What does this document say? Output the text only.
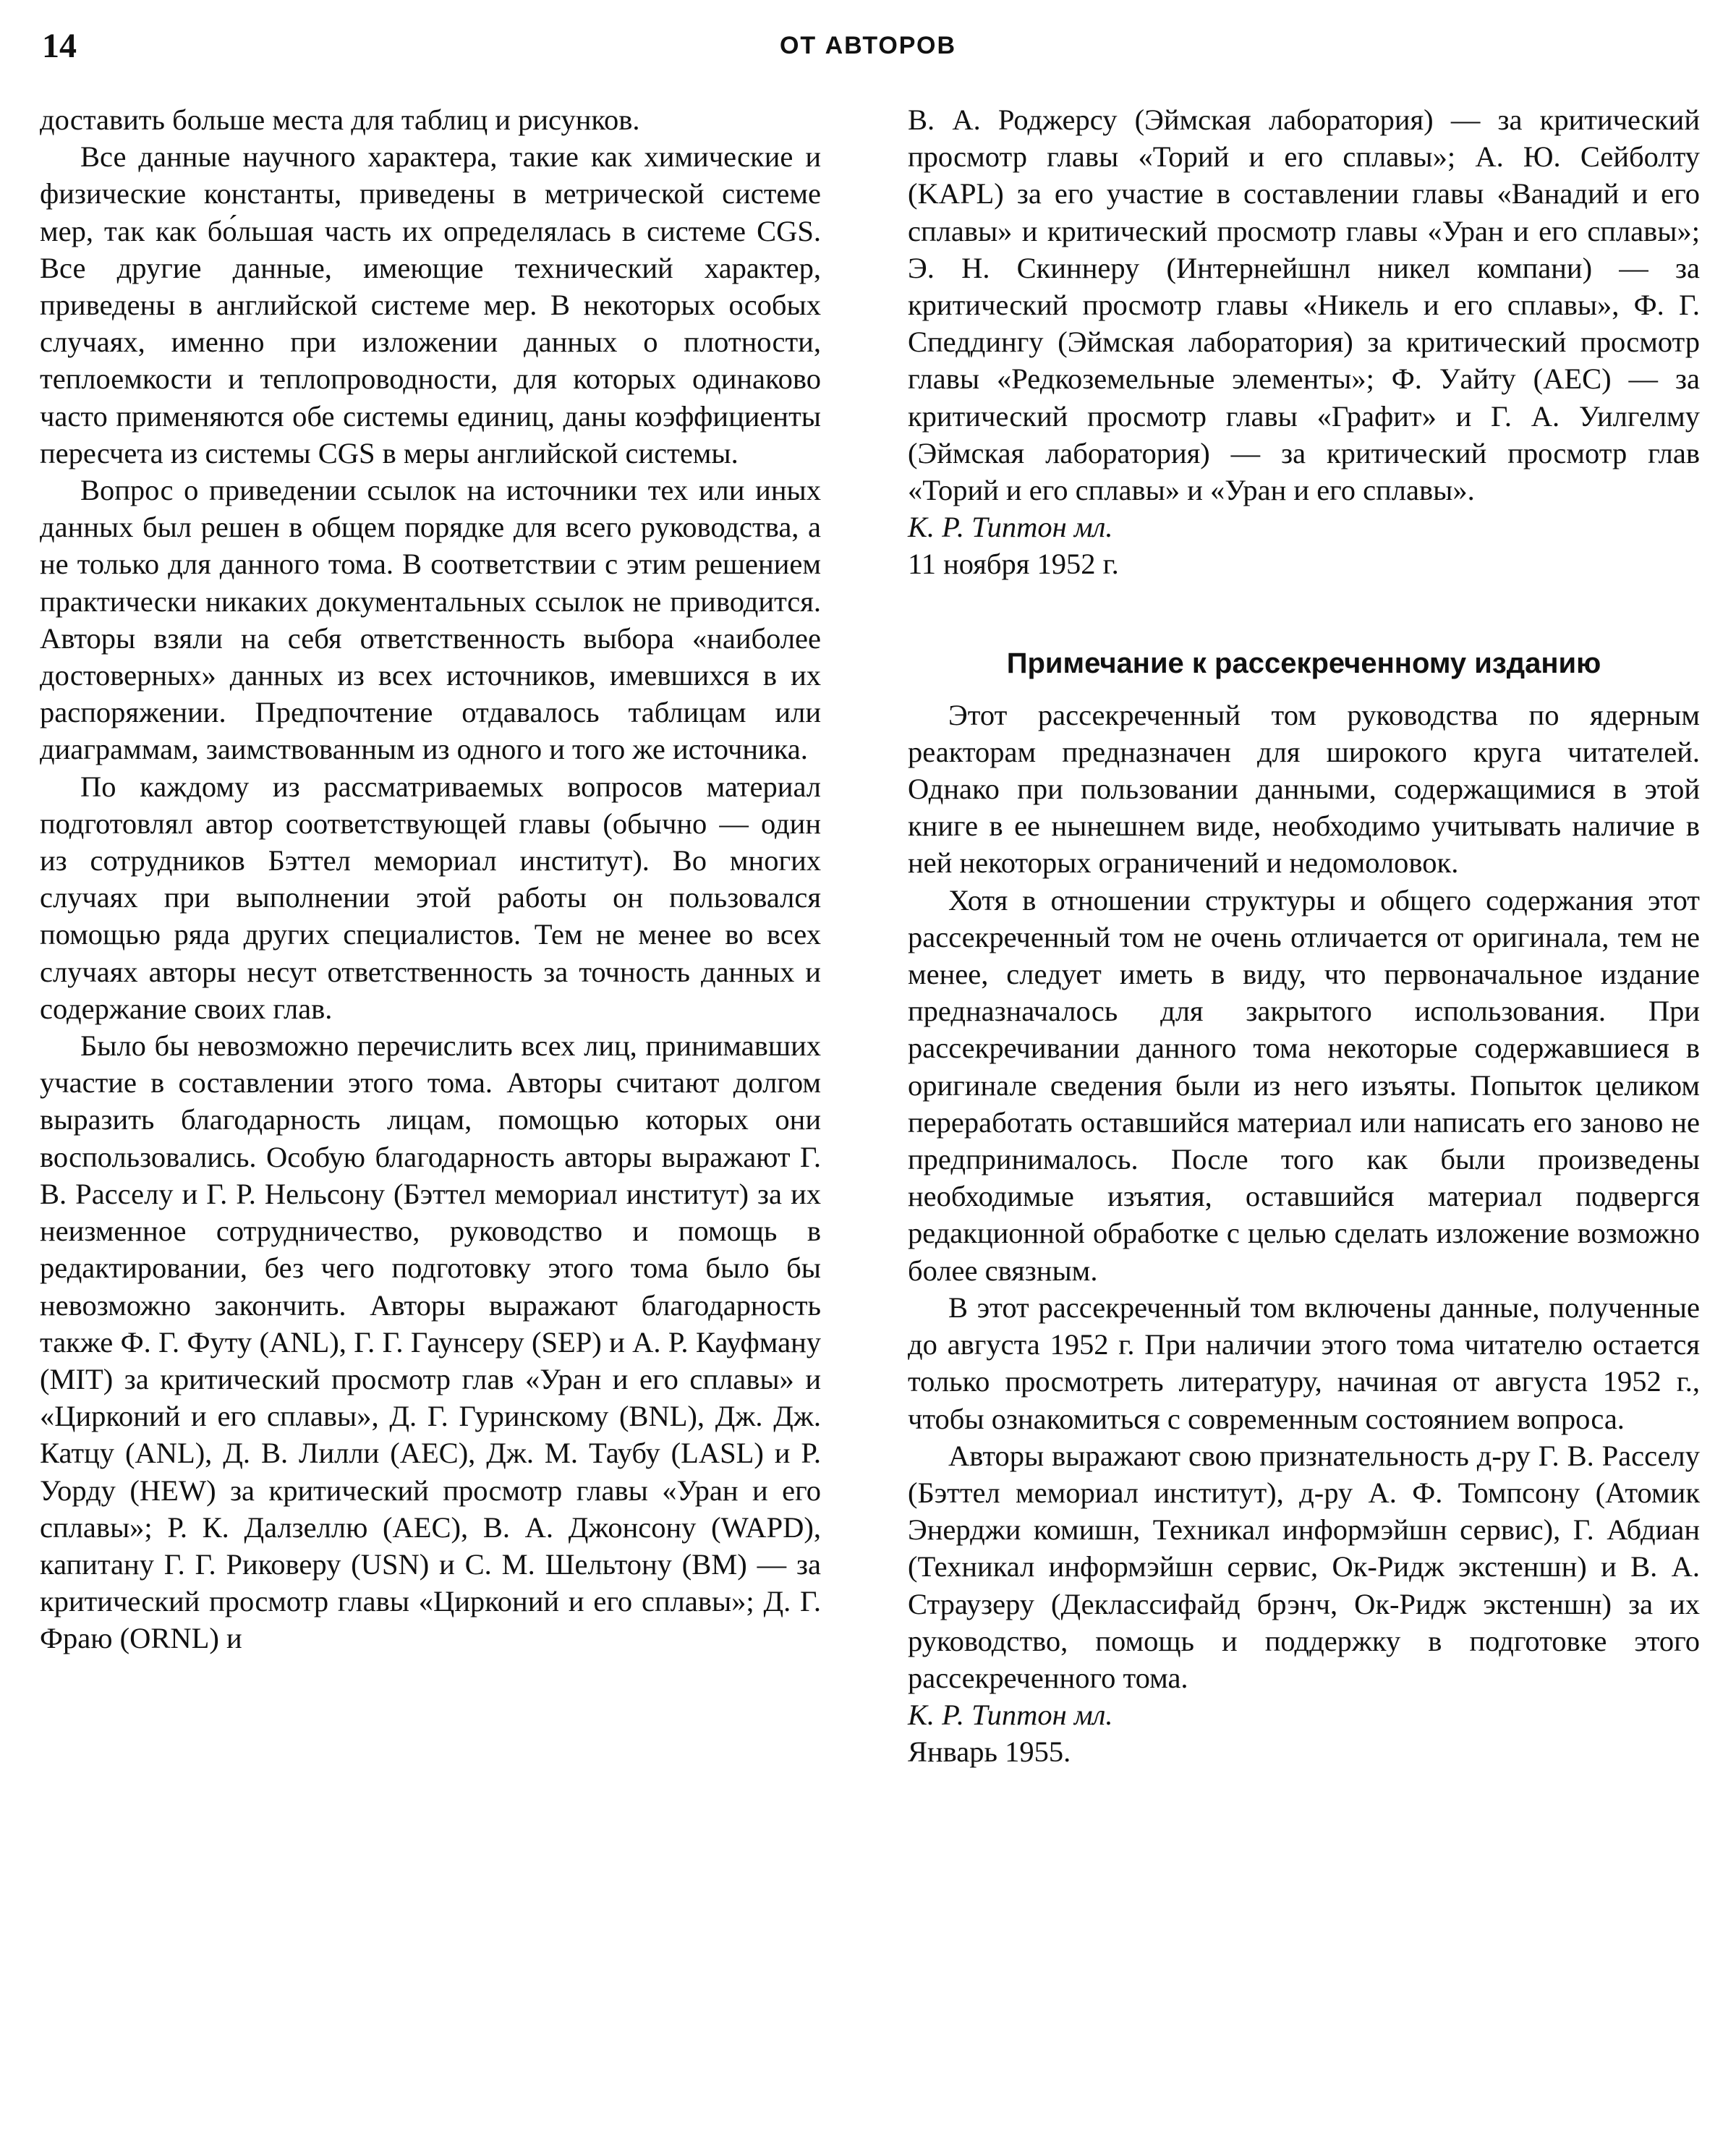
14	ОТ АВТОРОВ

доставить больше места для таблиц и рисунков.

Все данные научного характера, такие как химические и физические константы, приведены в метрической системе мер, так как бо́льшая часть их определялась в системе CGS. Все другие данные, имеющие технический характер, приведены в английской системе мер. В некоторых особых случаях, именно при изложении данных о плотности, теплоемкости и теплопроводности, для которых одинаково часто применяются обе системы единиц, даны коэффициенты пересчета из системы CGS в меры английской системы.

Вопрос о приведении ссылок на источники тех или иных данных был решен в общем порядке для всего руководства, а не только для данного тома. В соответствии с этим решением практически никаких документальных ссылок не приводится. Авторы взяли на себя ответственность выбора «наиболее достоверных» данных из всех источников, имевшихся в их распоряжении. Предпочтение отдавалось таблицам или диаграммам, заимствованным из одного и того же источника.

По каждому из рассматриваемых вопросов материал подготовлял автор соответствующей главы (обычно — один из сотрудников Бэттел мемориал институт). Во многих случаях при выполнении этой работы он пользовался помощью ряда других специалистов. Тем не менее во всех случаях авторы несут ответственность за точность данных и содержание своих глав.

Было бы невозможно перечислить всех лиц, принимавших участие в составлении этого тома. Авторы считают долгом выразить благодарность лицам, помощью которых они воспользовались. Особую благодарность авторы выражают Г. В. Расселу и Г. Р. Нельсону (Бэттел мемориал институт) за их неизменное сотрудничество, руководство и помощь в редактировании, без чего подготовку этого тома было бы невозможно закончить. Авторы выражают благодарность также Ф. Г. Футу (ANL), Г. Г. Гаунсеру (SEP) и А. Р. Кауфману (MIT) за критический просмотр глав «Уран и его сплавы» и «Цирконий и его сплавы», Д. Г. Гуринскому (BNL), Дж. Дж. Катцу (ANL), Д. В. Лилли (AEC), Дж. М. Таубу (LASL) и Р. Уорду (HEW) за критический просмотр главы «Уран и его сплавы»; Р. К. Далзеллю (AEC), В. А. Джонсону (WAPD), капитану Г. Г. Риковеру (USN) и С. М. Шельтону (BM) — за критический просмотр главы «Цирконий и его сплавы»; Д. Г. Фраю (ORNL) и

В. А. Роджерсу (Эймская лаборатория) — за критический просмотр главы «Торий и его сплавы»; А. Ю. Сейболту (KAPL) за его участие в составлении главы «Ванадий и его сплавы» и критический просмотр главы «Уран и его сплавы»; Э. Н. Скиннеру (Интернейшнл никел компани) — за критический просмотр главы «Никель и его сплавы», Ф. Г. Спеддингу (Эймская лаборатория) за критический просмотр главы «Редкоземельные элементы»; Ф. Уайту (AEC) — за критический просмотр главы «Графит» и Г. А. Уилгелму (Эймская лаборатория) — за критический просмотр глав «Торий и его сплавы» и «Уран и его сплавы».

К. Р. Типтон мл.

11 ноября 1952 г.

Примечание к рассекреченному изданию

Этот рассекреченный том руководства по ядерным реакторам предназначен для широкого круга читателей. Однако при пользовании данными, содержащимися в этой книге в ее нынешнем виде, необходимо учитывать наличие в ней некоторых ограничений и недомоловок.

Хотя в отношении структуры и общего содержания этот рассекреченный том не очень отличается от оригинала, тем не менее, следует иметь в виду, что первоначальное издание предназначалось для закрытого использования. При рассекречивании данного тома некоторые содержавшиеся в оригинале сведения были из него изъяты. Попыток целиком переработать оставшийся материал или написать его заново не предпринималось. После того как были произведены необходимые изъятия, оставшийся материал подвергся редакционной обработке с целью сделать изложение возможно более связным.

В этот рассекреченный том включены данные, полученные до августа 1952 г. При наличии этого тома читателю остается только просмотреть литературу, начиная от августа 1952 г., чтобы ознакомиться с современным состоянием вопроса.

Авторы выражают свою признательность д-ру Г. В. Расселу (Бэттел мемориал институт), д-ру А. Ф. Томпсону (Атомик Энерджи комишн, Техникал информэйшн сервис), Г. Абдиан (Техникал информэйшн сервис, Ок-Ридж экстеншн) и В. А. Страузеру (Деклассифайд брэнч, Ок-Ридж экстеншн) за их руководство, помощь и поддержку в подготовке этого рассекреченного тома.

К. Р. Типтон мл.

Январь 1955.
